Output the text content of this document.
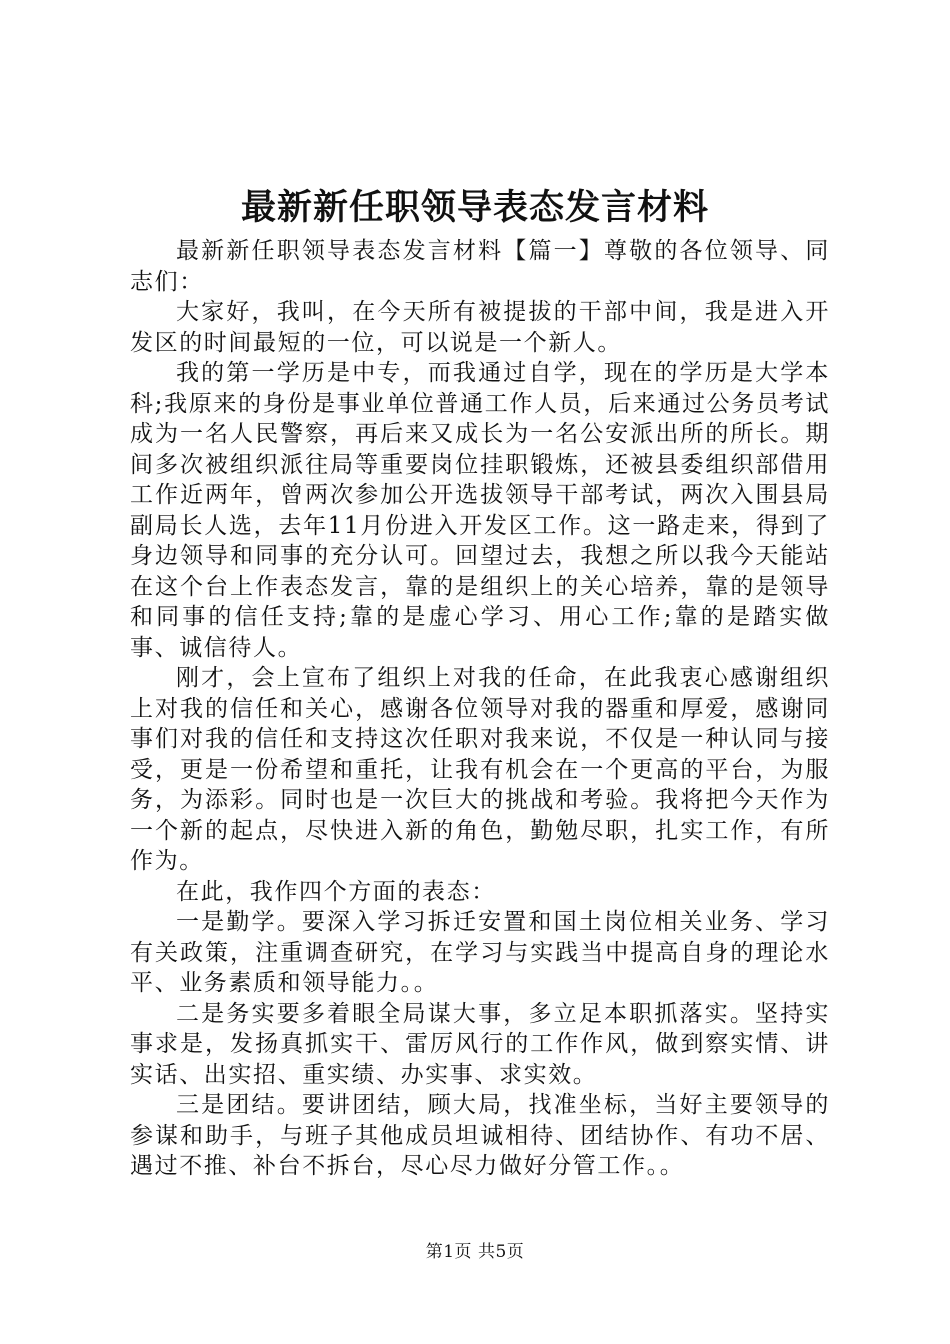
最新新任职领导表态发言材料

最新新任职领导表态发言材料【篇一】尊敬的各位领导、同志们：

大家好，我叫，在今天所有被提拔的干部中间，我是进入开发区的时间最短的一位，可以说是一个新人。

我的第一学历是中专，而我通过自学，现在的学历是大学本科;我原来的身份是事业单位普通工作人员，后来通过公务员考试成为一名人民警察，再后来又成长为一名公安派出所的所长。期间多次被组织派往局等重要岗位挂职锻炼，还被县委组织部借用工作近两年，曾两次参加公开选拔领导干部考试，两次入围县局副局长人选，去年11月份进入开发区工作。这一路走来，得到了身边领导和同事的充分认可。回望过去，我想之所以我今天能站在这个台上作表态发言，靠的是组织上的关心培养，靠的是领导和同事的信任支持;靠的是虚心学习、用心工作;靠的是踏实做事、诚信待人。

刚才，会上宣布了组织上对我的任命，在此我衷心感谢组织上对我的信任和关心，感谢各位领导对我的器重和厚爱，感谢同事们对我的信任和支持这次任职对我来说，不仅是一种认同与接受，更是一份希望和重托，让我有机会在一个更高的平台，为服务，为添彩。同时也是一次巨大的挑战和考验。我将把今天作为一个新的起点，尽快进入新的角色，勤勉尽职，扎实工作，有所作为。

在此，我作四个方面的表态：

一是勤学。要深入学习拆迁安置和国土岗位相关业务、学习有关政策，注重调查研究，在学习与实践当中提高自身的理论水平、业务素质和领导能力。。

二是务实要多着眼全局谋大事，多立足本职抓落实。坚持实事求是，发扬真抓实干、雷厉风行的工作作风，做到察实情、讲实话、出实招、重实绩、办实事、求实效。

三是团结。要讲团结，顾大局，找准坐标，当好主要领导的参谋和助手，与班子其他成员坦诚相待、团结协作、有功不居、遇过不推、补台不拆台，尽心尽力做好分管工作。。

第1页 共5页
